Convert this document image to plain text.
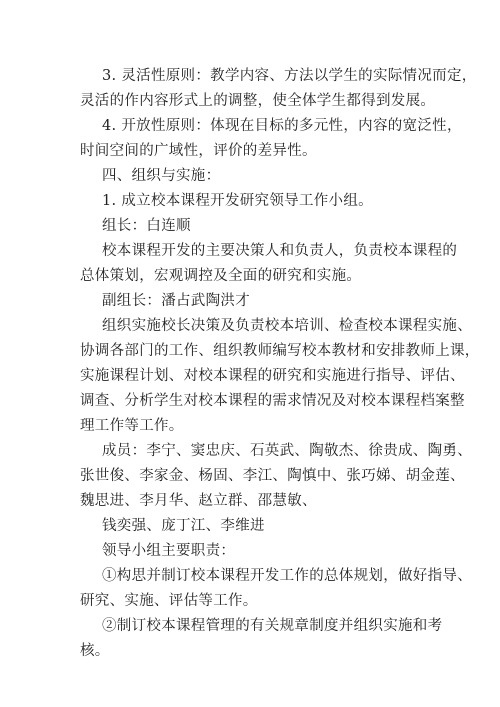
3. 灵活性原则：教学内容、方法以学生的实际情况而定，
灵活的作内容形式上的调整，使全体学生都得到发展。
4. 开放性原则：体现在目标的多元性，内容的宽泛性，
时间空间的广域性，评价的差异性。
四、组织与实施：
1. 成立校本课程开发研究领导工作小组。
组长：白连顺
校本课程开发的主要决策人和负责人，负责校本课程的
总体策划，宏观调控及全面的研究和实施。
副组长：潘占武陶洪才
组织实施校长决策及负责校本培训、检查校本课程实施、
协调各部门的工作、组织教师编写校本教材和安排教师上课，
实施课程计划、对校本课程的研究和实施进行指导、评估、
调查、分析学生对校本课程的需求情况及对校本课程档案整
理工作等工作。
成员：李宁、窦忠庆、石英武、陶敬杰、徐贵成、陶勇、
张世俊、李家金、杨固、李江、陶慎中、张巧娣、胡金莲、
魏思进、李月华、赵立群、邵慧敏、
钱奕强、庞丁江、李维进
领导小组主要职责：
①构思并制订校本课程开发工作的总体规划，做好指导、
研究、实施、评估等工作。
②制订校本课程管理的有关规章制度并组织实施和考
核。
